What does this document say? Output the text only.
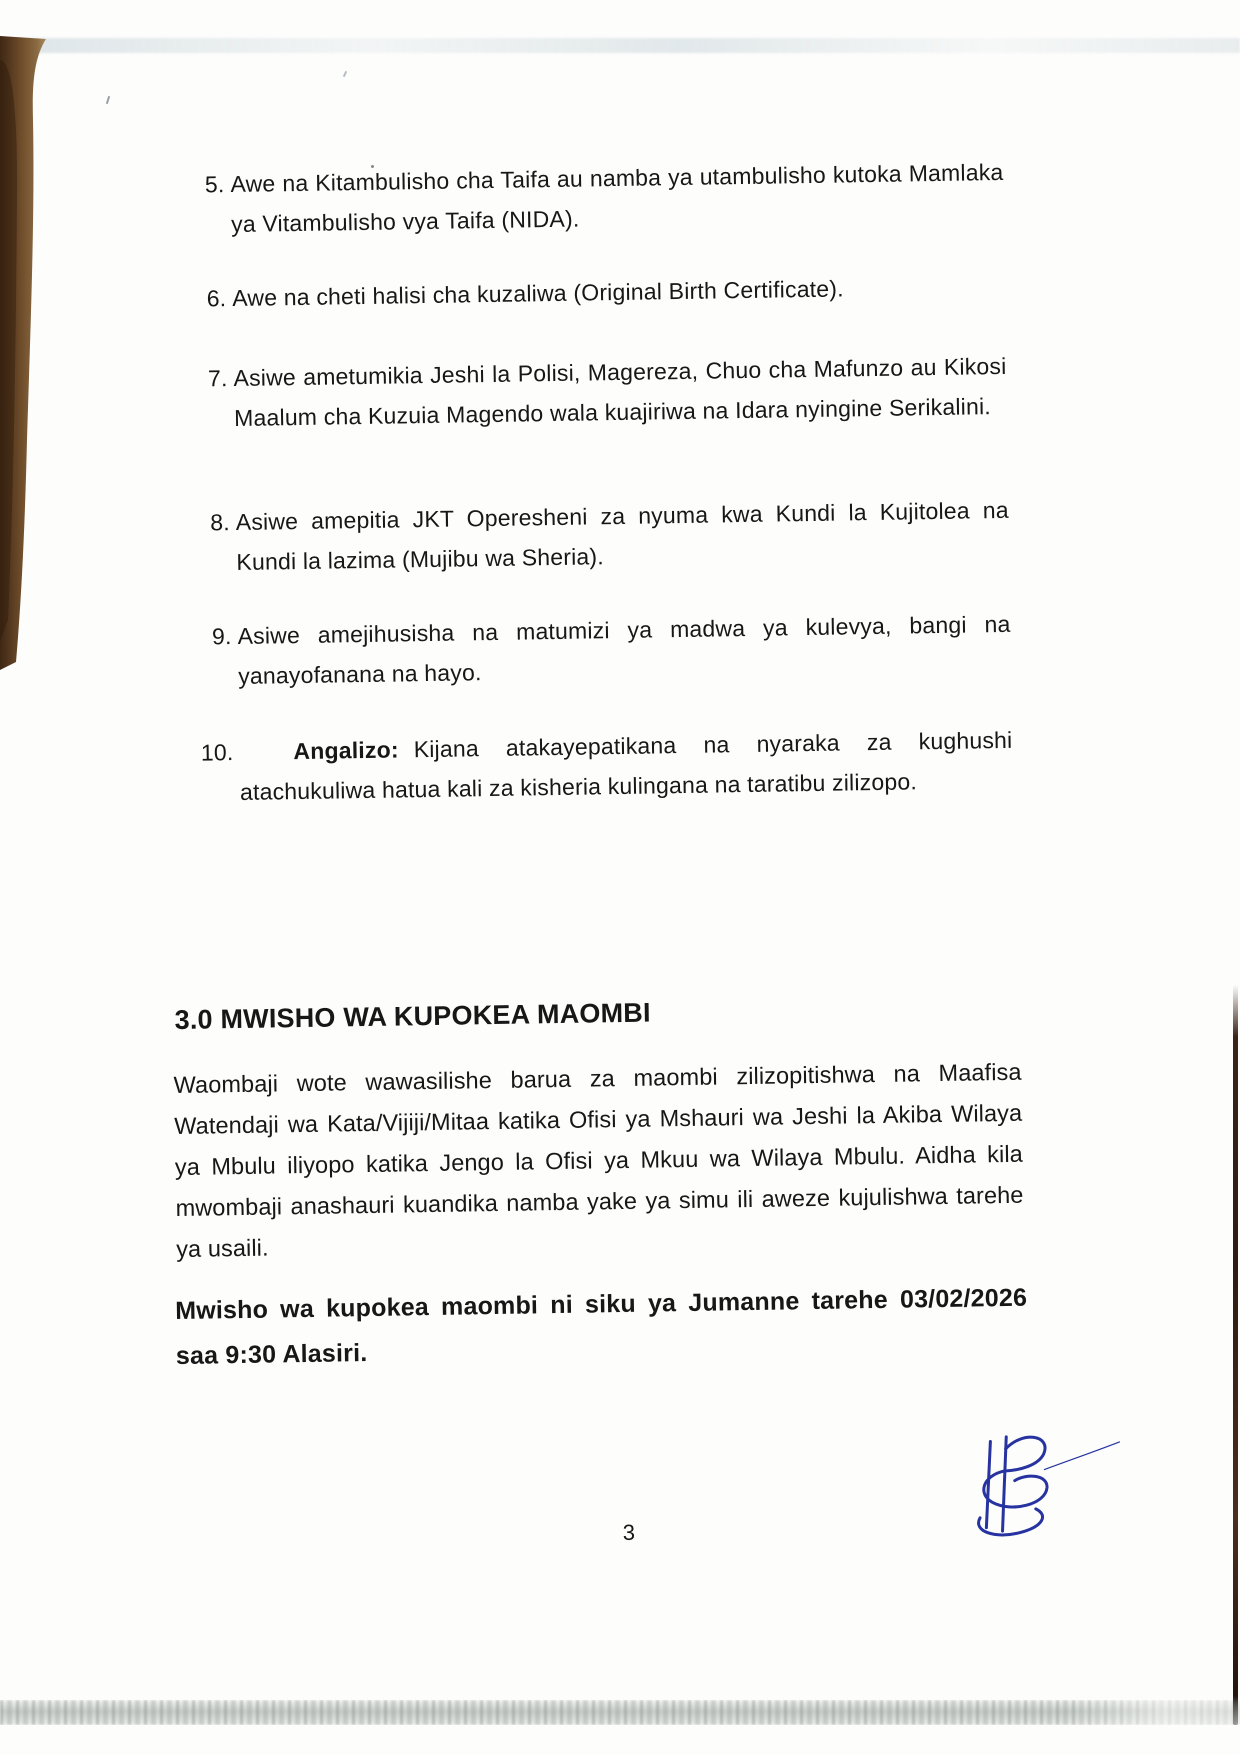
5. Awe na Kitambulisho cha Taifa au namba ya utambulisho kutoka Mamlaka ya Vitambulisho vya Taifa (NIDA).
6. Awe na cheti halisi cha kuzaliwa (Original Birth Certificate).
7. Asiwe ametumikia Jeshi la Polisi, Magereza, Chuo cha Mafunzo au Kikosi Maalum cha Kuzuia Magendo wala kuajiriwa na Idara nyingine Serikalini.
8. Asiwe amepitia JKT Operesheni za nyuma kwa Kundi la Kujitolea na Kundi la lazima (Mujibu wa Sheria).
9. Asiwe amejihusisha na matumizi ya madwa ya kulevya, bangi na yanayofanana na hayo.
10.	Angalizo: Kijana atakayepatikana na nyaraka za kughushi atachukuliwa hatua kali za kisheria kulingana na taratibu zilizopo.
3.0 MWISHO WA KUPOKEA MAOMBI
Waombaji wote wawasilishe barua za maombi zilizopitishwa na Maafisa Watendaji wa Kata/Vijiji/Mitaa katika Ofisi ya Mshauri wa Jeshi la Akiba Wilaya ya Mbulu iliyopo katika Jengo la Ofisi ya Mkuu wa Wilaya Mbulu. Aidha kila mwombaji anashauri kuandika namba yake ya simu ili aweze kujulishwa tarehe ya usaili.
Mwisho wa kupokea maombi ni siku ya Jumanne tarehe 03/02/2026 saa 9:30 Alasiri.
3
